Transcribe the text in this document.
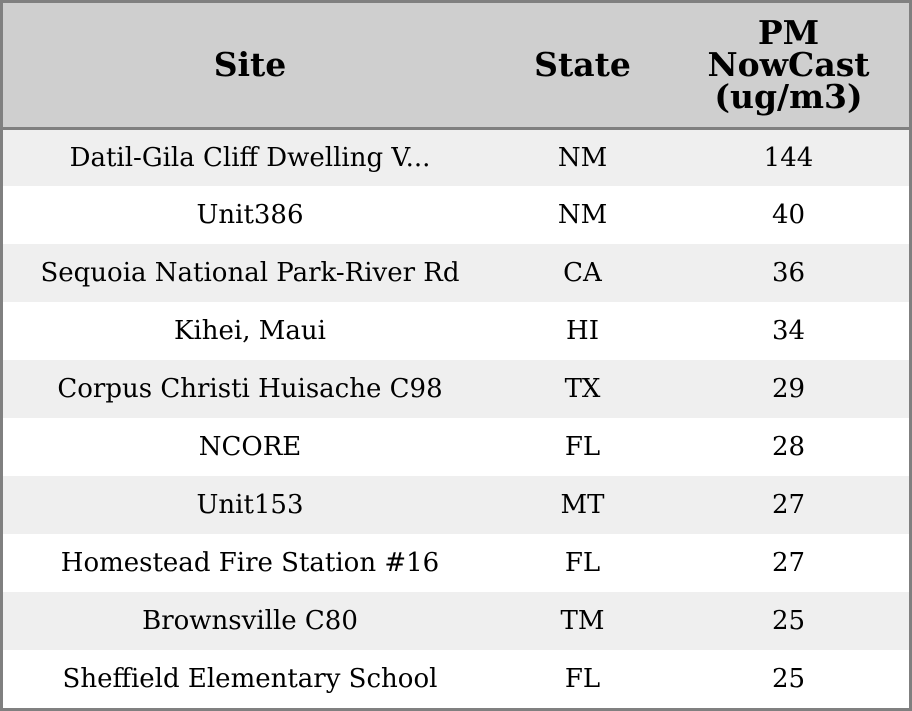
Site	State	PM
NowCast
(ug/m3)

Datil-Gila Cliff Dwelling V...	NM	144
Unit386	NM	40
Sequoia National Park-River Rd	CA	36
Kihei, Maui	HI	34
Corpus Christi Huisache C98	TX	29
NCORE	FL	28
Unit153	MT	27
Homestead Fire Station #16	FL	27
Brownsville C80	TM	25
Sheffield Elementary School	FL	25
